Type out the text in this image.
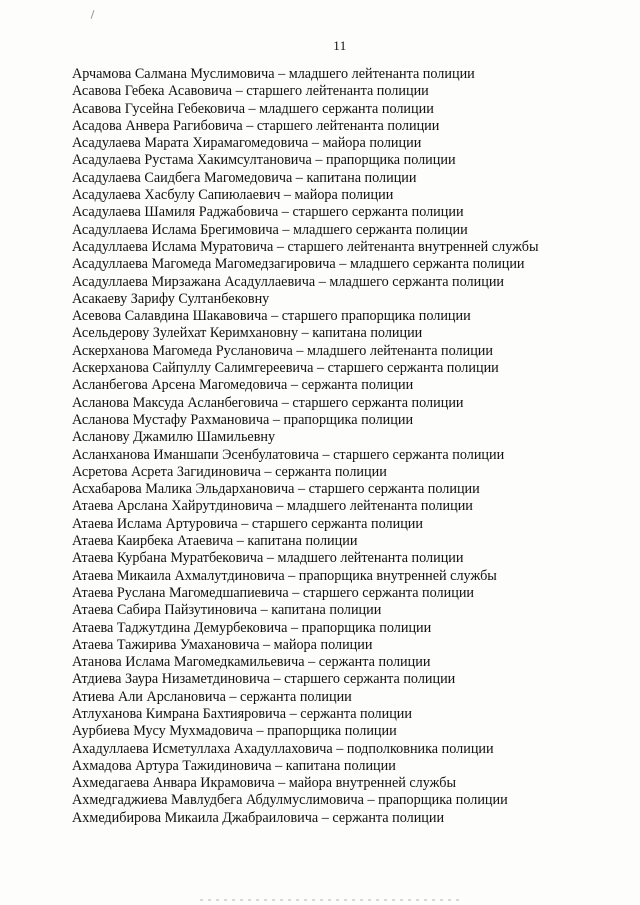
11
Арчамова Салмана Муслимовича – младшего лейтенанта полиции
Асавова Гебека Асавовича – старшего лейтенанта полиции
Асавова Гусейна Гебековича – младшего сержанта полиции
Асадова Анвера Рагибовича – старшего лейтенанта полиции
Асадулаева Марата Хирамагомедовича – майора полиции
Асадулаева Рустама Хакимсултановича – прапорщика полиции
Асадулаева Саидбега Магомедовича – капитана полиции
Асадулаева Хасбулу Сапиюлаевич – майора полиции
Асадулаева Шамиля Раджабовича – старшего сержанта полиции
Асадуллаева Ислама Брегимовича – младшего сержанта полиции
Асадуллаева Ислама Муратовича – старшего лейтенанта внутренней службы
Асадуллаева Магомеда Магомедзагировича – младшего сержанта полиции
Асадуллаева Мирзажана Асадуллаевича – младшего сержанта полиции
Асакаеву Зарифу Султанбековну
Асевова Салавдина Шакавовича – старшего прапорщика полиции
Асельдерову Зулейхат Керимхановну – капитана полиции
Аскерханова Магомеда Руслановича – младшего лейтенанта полиции
Аскерханова Сайпуллу Салимгереевича – старшего сержанта полиции
Асланбегова Арсена Магомедовича – сержанта полиции
Асланова Максуда Асланбеговича – старшего сержанта полиции
Асланова Мустафу Рахмановича – прапорщика полиции
Асланову Джамилю Шамильевну
Асланханова Иманшапи Эсенбулатовича – старшего сержанта полиции
Асретова Асрета Загидиновича – сержанта полиции
Асхабарова Малика Эльдархановича – старшего сержанта полиции
Атаева Арслана Хайрутдиновича – младшего лейтенанта полиции
Атаева Ислама Артуровича – старшего сержанта полиции
Атаева Каирбека Атаевича – капитана полиции
Атаева Курбана Муратбековича – младшего лейтенанта полиции
Атаева Микаила Ахмалутдиновича – прапорщика внутренней службы
Атаева Руслана Магомедшапиевича – старшего сержанта полиции
Атаева Сабира Пайзутиновича – капитана полиции
Атаева Таджутдина Демурбековича – прапорщика полиции
Атаева Тажирива Умахановича – майора полиции
Атанова Ислама Магомедкамильевича – сержанта полиции
Атдиева Заура Низаметдиновича – старшего сержанта полиции
Атиева Али Арслановича – сержанта полиции
Атлуханова Кимрана Бахтияровича – сержанта полиции
Аурбиева Мусу Мухмадовича – прапорщика полиции
Ахадуллаева Исметуллаха Ахадуллаховича – подполковника полиции
Ахмадова Артура Тажидиновича – капитана полиции
Ахмедагаева Анвара Икрамовича – майора внутренней службы
Ахмедгаджиева Мавлудбега Абдулмуслимовича – прапорщика полиции
Ахмедибирова Микаила Джабраиловича – сержанта полиции
